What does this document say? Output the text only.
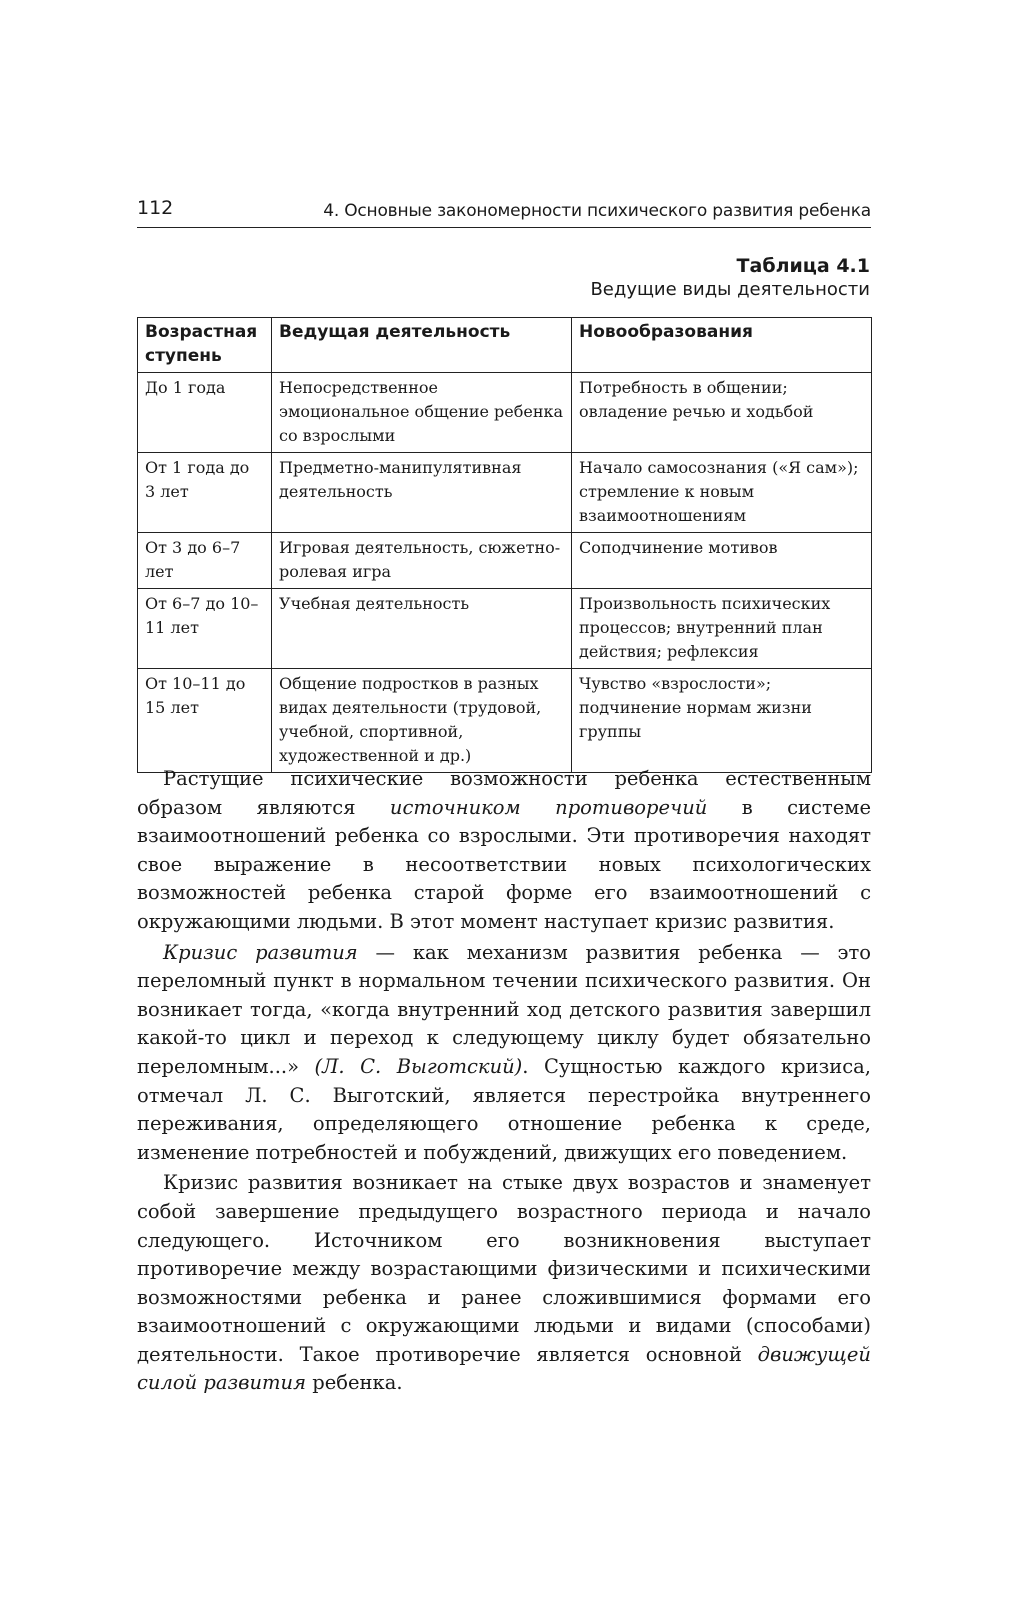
112	4. Основные закономерности психического развития ребенка
Таблица 4.1
Ведущие виды деятельности
Возрастная ступень	Ведущая деятельность	Новообразования
До 1 года	Непосредственное эмоциональное общение ребенка со взрослыми	Потребность в общении; овладение речью и ходьбой
От 1 года до 3 лет	Предметно-манипулятивная деятельность	Начало самосознания («Я сам»); стремление к новым взаимоотношениям
От 3 до 6–7 лет	Игровая деятельность, сюжетно-ролевая игра	Соподчинение мотивов
От 6–7 до 10–11 лет	Учебная деятельность	Произвольность психических процессов; внутренний план действия; рефлексия
От 10–11 до 15 лет	Общение подростков в разных видах деятельности (трудовой, учебной, спортивной, художественной и др.)	Чувство «взрослости»; подчинение нормам жизни группы

Растущие психические возможности ребенка естественным образом являются источником противоречий в системе взаимоотношений ребенка со взрослыми. Эти противоречия находят свое выражение в несоответствии новых психологических возможностей ребенка старой форме его взаимоотношений с окружающими людьми. В этот момент наступает кризис развития.

Кризис развития — как механизм развития ребенка — это переломный пункт в нормальном течении психического развития. Он возникает тогда, «когда внутренний ход детского развития завершил какой-то цикл и переход к следующему циклу будет обязательно переломным...» (Л. С. Выготский). Сущностью каждого кризиса, отмечал Л. С. Выготский, является перестройка внутреннего переживания, определяющего отношение ребенка к среде, изменение потребностей и побуждений, движущих его поведением.

Кризис развития возникает на стыке двух возрастов и знаменует собой завершение предыдущего возрастного периода и начало следующего. Источником его возникновения выступает противоречие между возрастающими физическими и психическими возможностями ребенка и ранее сложившимися формами его взаимоотношений с окружающими людьми и видами (способами) деятельности. Такое противоречие является основной движущей силой развития ребенка.
